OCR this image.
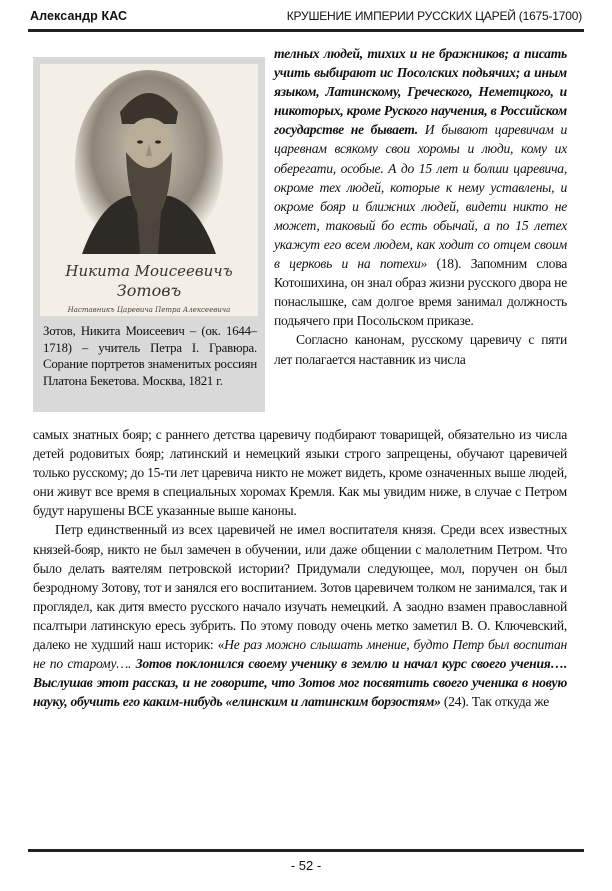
Александр КАС	КРУШЕНИЕ ИМПЕРИИ РУССКИХ ЦАРЕЙ (1675-1700)
Никита Моисеевичъ
Зотовъ
Наставникъ Царевича Петра Алексеевича
Зотов, Никита Моисеевич – (ок. 1644–1718) – учитель Петра I. Гравюра. Сорание портретов знаменитых россиян Платона Бекетова. Москва, 1821 г.

телных людей, тихих и не бражников; а писать учить выбирают ис Посолских подьячих; а иным языком, Латинскому, Греческого, Неметцкого, и никоторых, кроме Руского научения, в Российском государстве не бывает. И бывают царевичам и царевнам всякому свои хоромы и люди, кому их оберегати, особые. А до 15 лет и болши царевича, окроме тех людей, которые к нему уставлены, и окроме бояр и ближних людей, видети никто не может, таковый бо есть обычай, а по 15 летех укажут его всем людем, как ходит со отцем своим в церковь и на потехи» (18). Запомним слова Котошихина, он знал образ жизни русского двора не понаслышке, сам долгое время занимал должность подьячего при Посольском приказе.

Согласно канонам, русскому царевичу с пяти лет полагается наставник из числа

самых знатных бояр; с раннего детства царевичу подбирают товарищей, обязательно из числа детей родовитых бояр; латинский и немецкий языки строго запрещены, обучают царевичей только русскому; до 15-ти лет царевича никто не может видеть, кроме означенных выше людей, они живут все время в специальных хоромах Кремля. Как мы увидим ниже, в случае с Петром будут нарушены ВСЕ указанные выше каноны.

Петр единственный из всех царевичей не имел воспитателя князя. Среди всех известных князей-бояр, никто не был замечен в обучении, или даже общении с малолетним Петром. Что было делать ваятелям петровской истории? Придумали следующее, мол, поручен он был безродному Зотову, тот и занялся его воспитанием. Зотов царевичем толком не занимался, так и проглядел, как дитя вместо русского начало изучать немецкий. А заодно взамен православной псалтыри латинскую ересь зубрить. По этому поводу очень метко заметил В. О. Ключевский, далеко не худший наш историк: «Не раз можно слышать мнение, будто Петр был воспитан не по старому…. Зотов поклонился своему ученику в землю и начал курс своего учения…. Выслушав этот рассказ, и не говорите, что Зотов мог посвятить своего ученика в новую науку, обучить его каким-нибудь «елинским и латинским борзостям» (24). Так откуда же

- 52 -
